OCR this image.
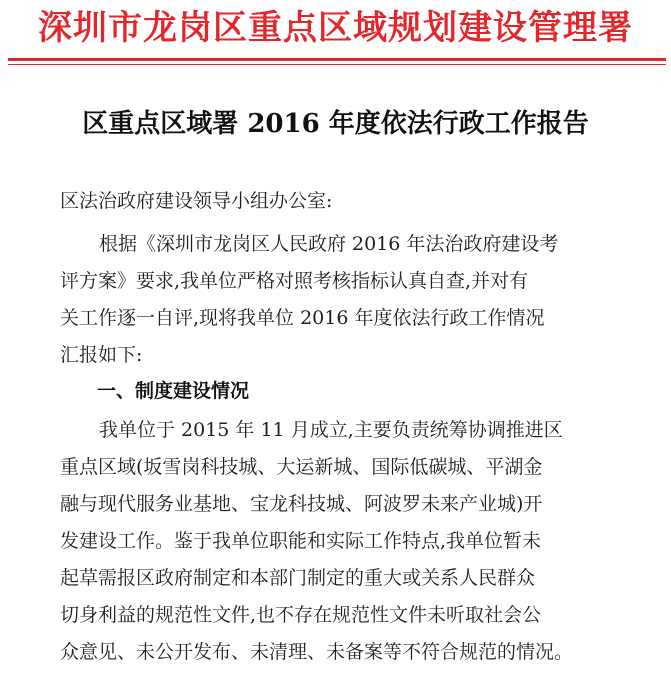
深圳市龙岗区重点区域规划建设管理署
区重点区域署 2016 年度依法行政工作报告
区法治政府建设领导小组办公室:
根据《深圳市龙岗区人民政府 2016 年法治政府建设考
评方案》要求,我单位严格对照考核指标认真自查,并对有
关工作逐一自评,现将我单位 2016 年度依法行政工作情况
汇报如下:
一、制度建设情况
我单位于 2015 年 11 月成立,主要负责统筹协调推进区
重点区域(坂雪岗科技城、大运新城、国际低碳城、平湖金
融与现代服务业基地、宝龙科技城、阿波罗未来产业城)开
发建设工作。鉴于我单位职能和实际工作特点,我单位暂未
起草需报区政府制定和本部门制定的重大或关系人民群众
切身利益的规范性文件,也不存在规范性文件未听取社会公
众意见、未公开发布、未清理、未备案等不符合规范的情况。
